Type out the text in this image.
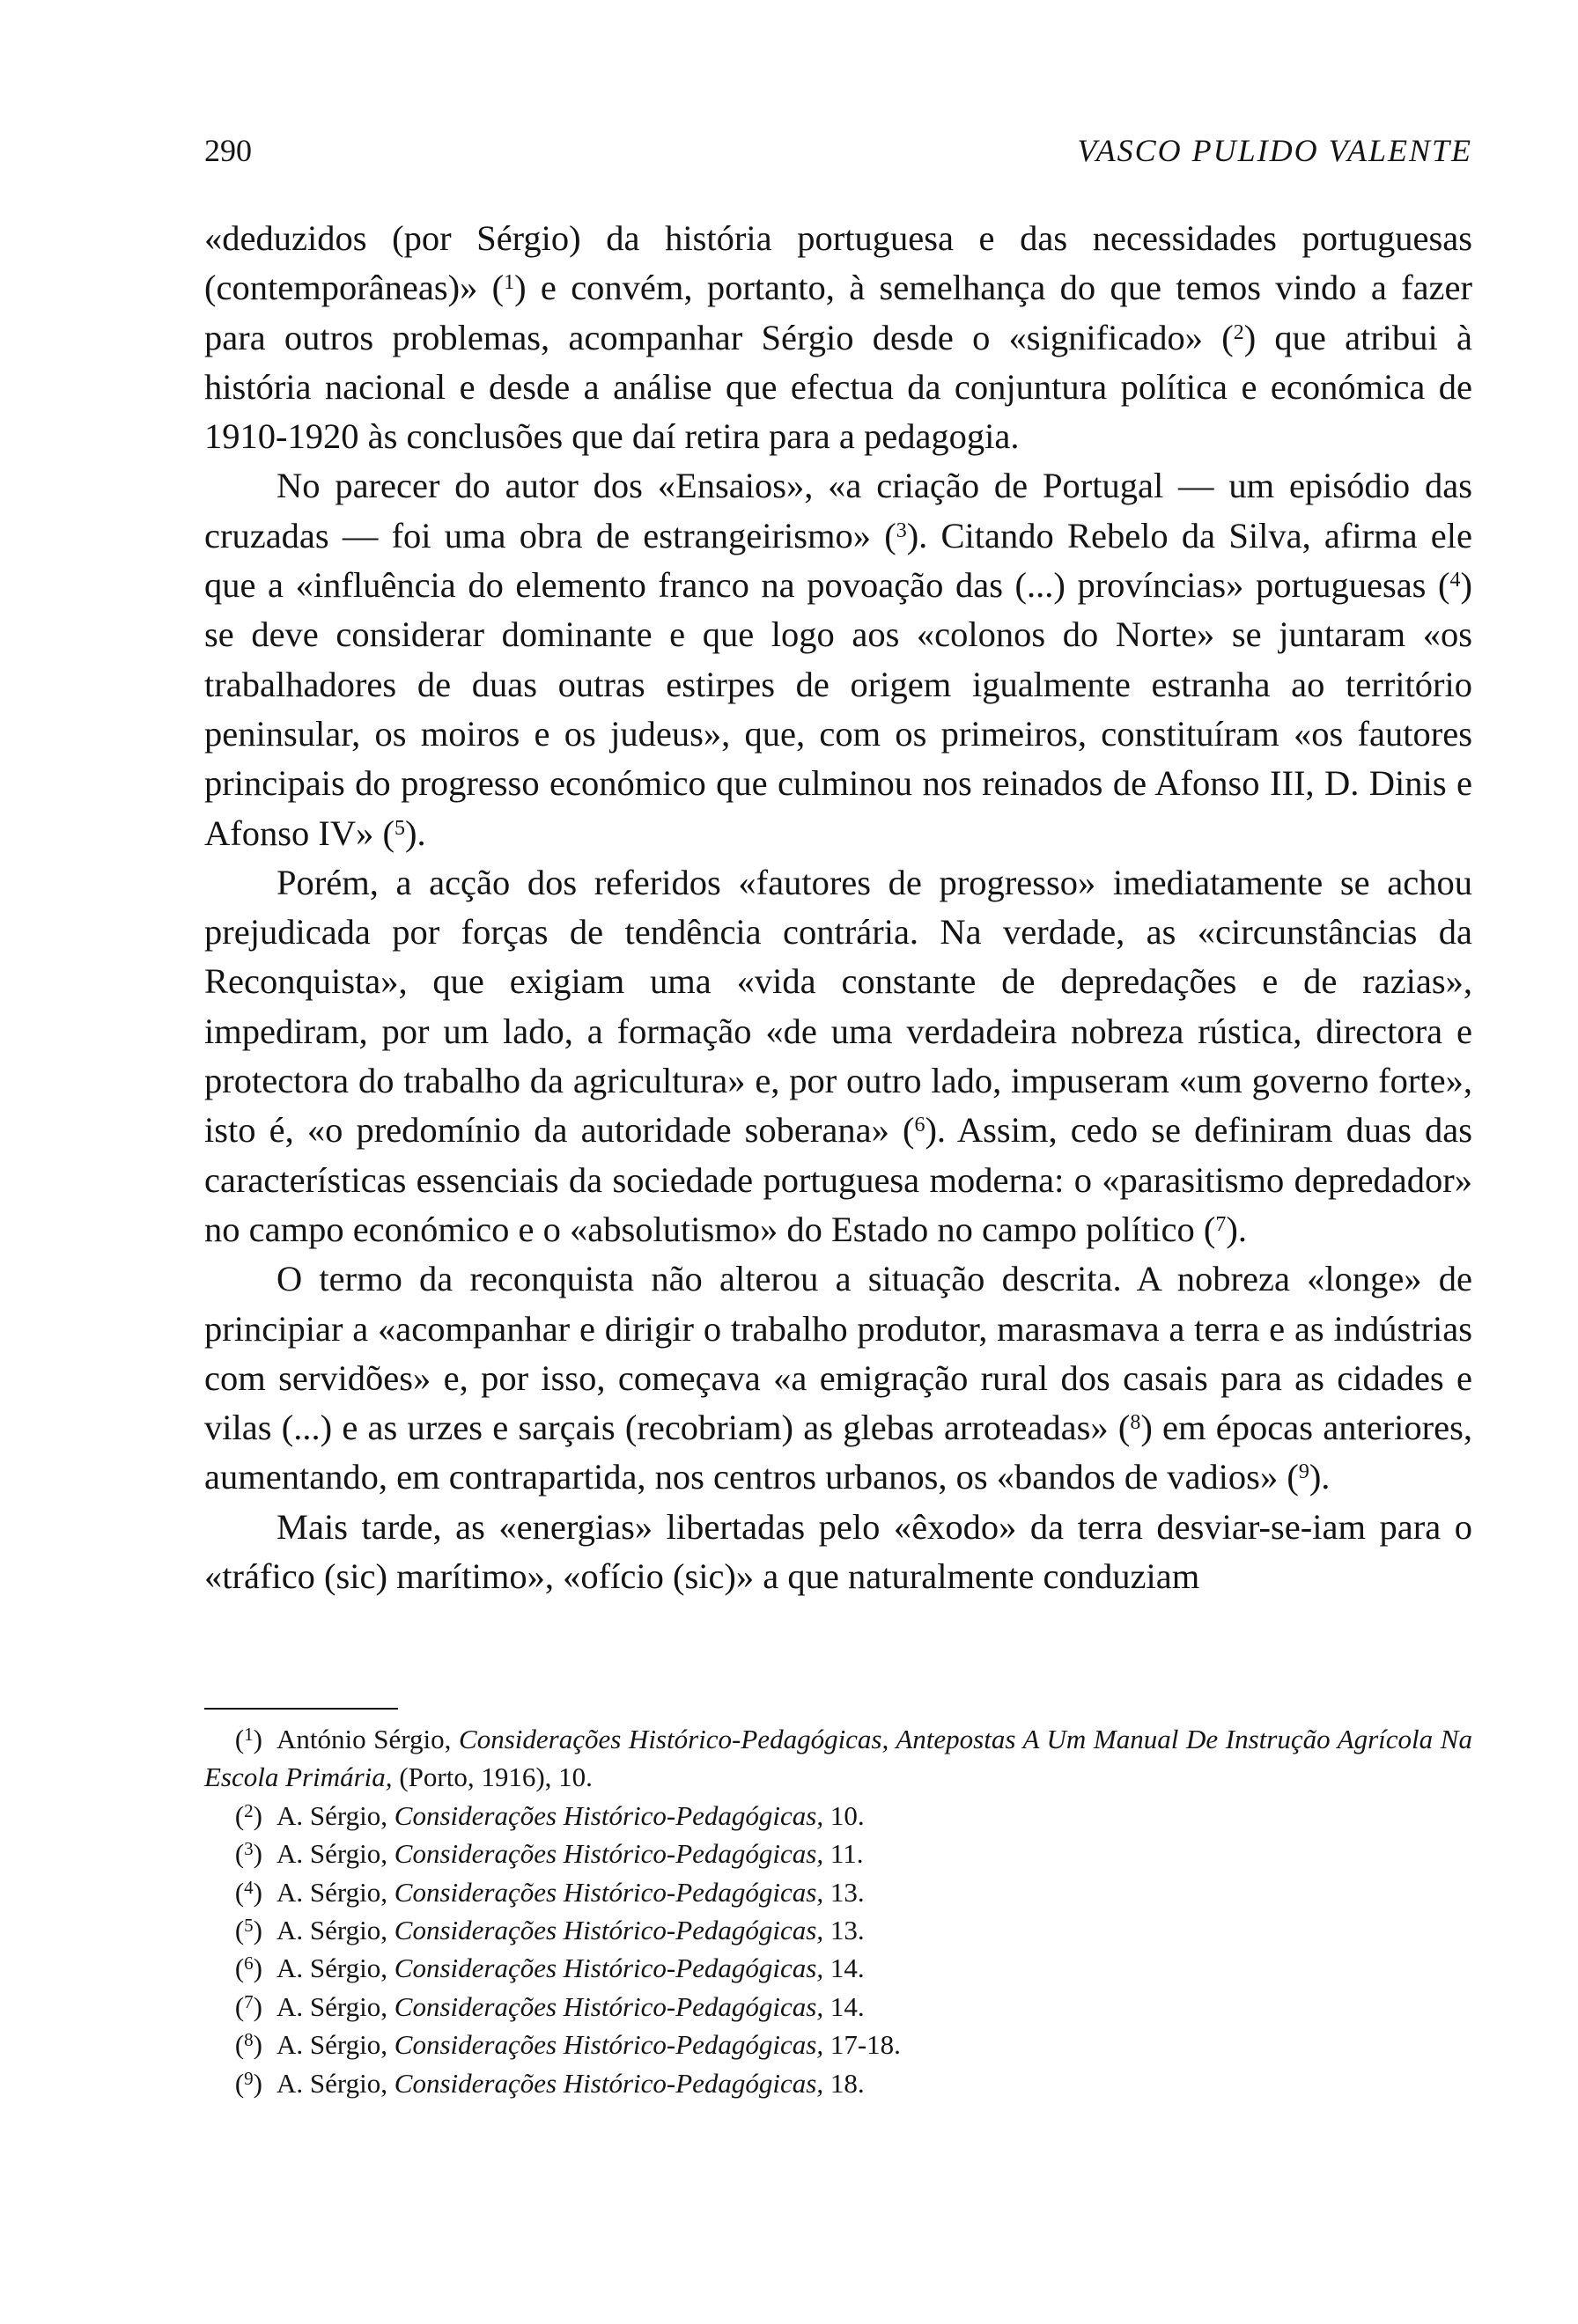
290	VASCO PULIDO VALENTE

«deduzidos (por Sérgio) da história portuguesa e das necessidades portuguesas (contemporâneas)» ($^1$) e convém, portanto, à semelhança do que temos vindo a fazer para outros problemas, acompanhar Sérgio desde o «significado» ($^2$) que atribui à história nacional e desde a análise que efectua da conjuntura política e económica de 1910-1920 às conclusões que daí retira para a pedagogia.

No parecer do autor dos «Ensaios», «a criação de Portugal — um episódio das cruzadas — foi uma obra de estrangeirismo» ($^3$). Citando Rebelo da Silva, afirma ele que a «influência do elemento franco na povoação das (...) províncias» portuguesas ($^4$) se deve considerar dominante e que logo aos «colonos do Norte» se juntaram «os trabalhadores de duas outras estirpes de origem igualmente estranha ao território peninsular, os moiros e os judeus», que, com os primeiros, constituíram «os fautores principais do progresso económico que culminou nos reinados de Afonso III, D. Dinis e Afonso IV» ($^5$).

Porém, a acção dos referidos «fautores de progresso» imediatamente se achou prejudicada por forças de tendência contrária. Na verdade, as «circunstâncias da Reconquista», que exigiam uma «vida constante de depredações e de razias», impediram, por um lado, a formação «de uma verdadeira nobreza rústica, directora e protectora do trabalho da agricultura» e, por outro lado, impuseram «um governo forte», isto é, «o predomínio da autoridade soberana» ($^6$). Assim, cedo se definiram duas das características essenciais da sociedade portuguesa moderna: o «parasitismo depredador» no campo económico e o «absolutismo» do Estado no campo político ($^7$).

O termo da reconquista não alterou a situação descrita. A nobreza «longe» de principiar a «acompanhar e dirigir o trabalho produtor, marasmava a terra e as indústrias com servidões» e, por isso, começava «a emigração rural dos casais para as cidades e vilas (...) e as urzes e sarçais (recobriam) as glebas arroteadas» ($^8$) em épocas anteriores, aumentando, em contrapartida, nos centros urbanos, os «bandos de vadios» ($^9$).

Mais tarde, as «energias» libertadas pelo «êxodo» da terra desviar-se-iam para o «tráfico (sic) marítimo», «ofício (sic)» a que naturalmente conduziam

($^1$) António Sérgio, Considerações Histórico-Pedagógicas, Antepostas A Um Manual De Instrução Agrícola Na Escola Primária, (Porto, 1916), 10.

($^2$) A. Sérgio, Considerações Histórico-Pedagógicas, 10.

($^3$) A. Sérgio, Considerações Histórico-Pedagógicas, 11.

($^4$) A. Sérgio, Considerações Histórico-Pedagógicas, 13.

($^5$) A. Sérgio, Considerações Histórico-Pedagógicas, 13.

($^6$) A. Sérgio, Considerações Histórico-Pedagógicas, 14.

($^7$) A. Sérgio, Considerações Histórico-Pedagógicas, 14.

($^8$) A. Sérgio, Considerações Histórico-Pedagógicas, 17-18.

($^9$) A. Sérgio, Considerações Histórico-Pedagógicas, 18.
